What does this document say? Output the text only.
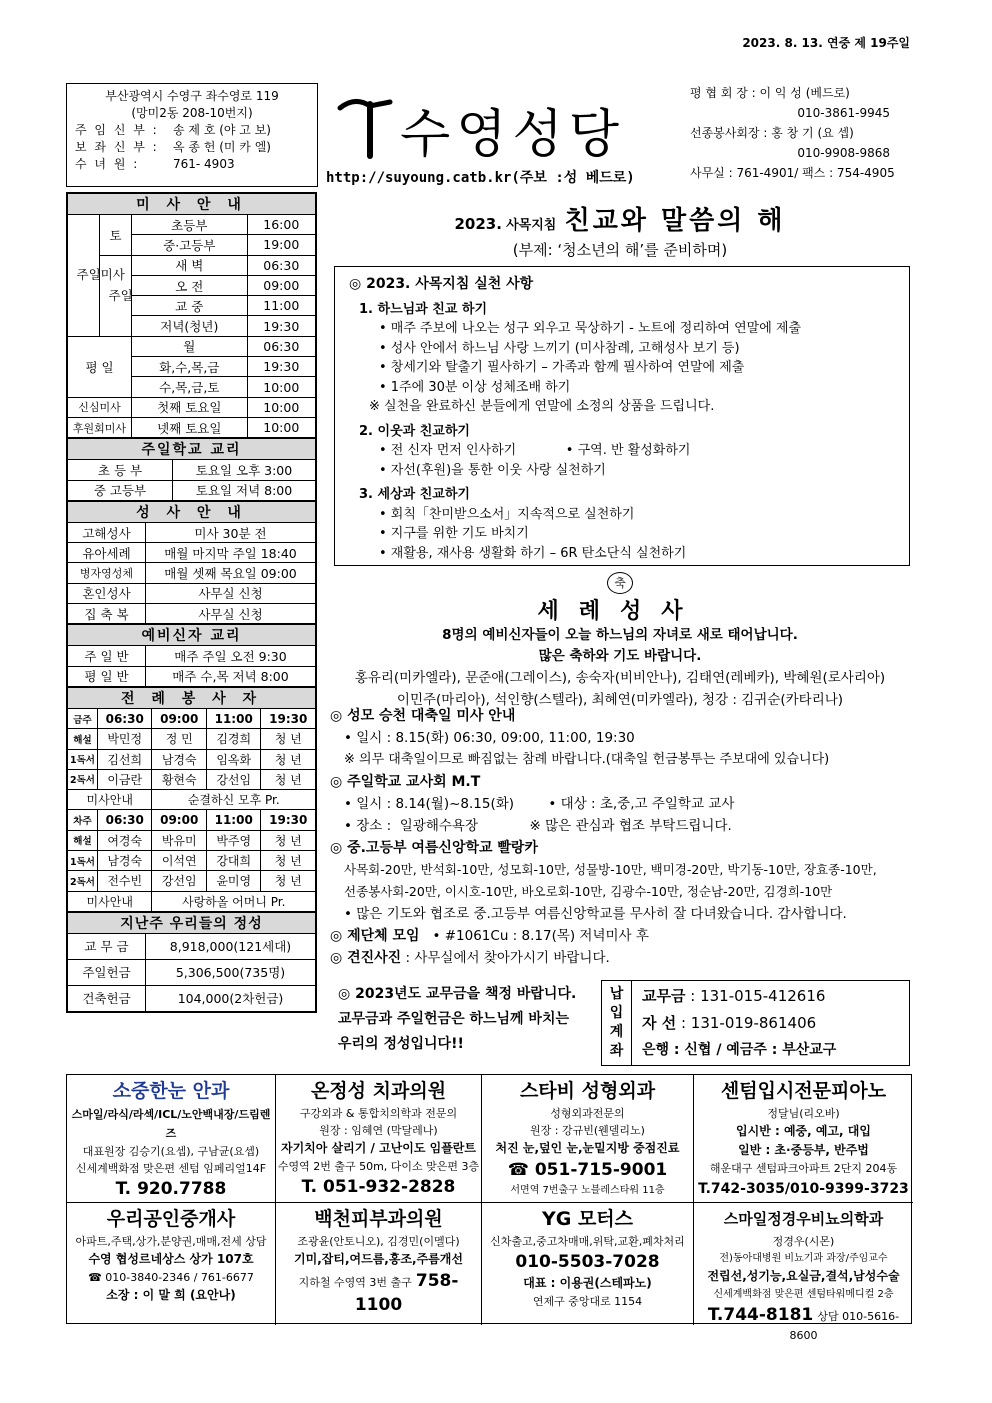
2023. 8. 13. 연중 제 19주일
부산광역시 수영구 좌수영로 119
(망미2동 208-10번지)
주 임 신 부 :	송 제 호 (야 고 보)
보 좌 신 부 :	옥 종 헌 (미 카 엘)
수 녀 원 :	761- 4903	수영성당
http://suyoung.catb.kr(주보 :성 베드로)
평 협 회 장 : 이 익 성 (베드로)
010-3861-9945
선종봉사회장 : 홍 창 기 (요 셉)
010-9908-9868
사무실 : 761-4901/ 팩스 : 754-4905
미 사 안 내			

주일미사	토	초등부	16:00
		중·고등부	19:00

	주일	새 벽	06:30
		오 전	09:00
		교 중	11:00
		저녁(청년)	19:30
평 일		월	06:30
		화,수,목,금	19:30
		수,목,금,토	10:00
신심미사		첫째 토요일	10:00
후원회미사		넷째 토요일	10:00
주일학교 교리	
초 등 부	토요일 오후 3:00
중 고등부	토요일 저녁 8:00
성 사 안 내	
고해성사	미사 30분 전
유아세례	매월 마지막 주일 18:40
병자영성체	매월 셋째 목요일 09:00
혼인성사	사무실 신청
집 축 복	사무실 신청
예비신자 교리	
주 일 반	매주 주일 오전 9:30
평 일 반	매주 수,목 저녁 8:00
전 례 봉 사 자				
금주	06:30	09:00	11:00	19:30
해설	박민정	정 민	김경희	청 년
1독서	김선희	남경숙	임옥화	청 년
2독서	이금란	황현숙	강선임	청 년
미사안내		순결하신 모후 Pr.		
차주	06:30	09:00	11:00	19:30
해설	여경숙	박유미	박주영	청 년
1독서	남경숙	이석연	강대희	청 년
2독서	전수빈	강선임	윤미영	청 년
미사안내		사랑하올 어머니 Pr.		
지난주 우리들의 정성	
교 무 금	8,918,000(121세대)
주일헌금	5,306,500(735명)
건축헌금	104,000(2차헌금)
2023. 사목지침 친교와 말씀의 해
(부제: ‘청소년의 해’를 준비하며)
◎ 2023. 사목지침 실천 사항
1. 하느님과 친교 하기
• 매주 주보에 나오는 성구 외우고 묵상하기 - 노트에 정리하여 연말에 제출
• 성사 안에서 하느님 사랑 느끼기 (미사참례, 고해성사 보기 등)
• 창세기와 탈출기 필사하기 – 가족과 함께 필사하여 연말에 제출
• 1주에 30분 이상 성체조배 하기
※ 실천을 완료하신 분들에게 연말에 소정의 상품을 드립니다.
2. 이웃과 친교하기
• 전 신자 먼저 인사하기            • 구역. 반 활성화하기
• 자선(후원)을 통한 이웃 사랑 실천하기
3. 세상과 친교하기
• 회칙「찬미받으소서」지속적으로 실천하기
• 지구를 위한 기도 바치기
• 재활용, 재사용 생활화 하기 – 6R 탄소단식 실천하기
축
세례성사
8명의 예비신자들이 오늘 하느님의 자녀로 새로 태어납니다.
많은 축하와 기도 바랍니다.
홍유리(미카엘라), 문준애(그레이스), 송숙자(비비안나), 김태연(레베카), 박혜원(로사리아)
이민주(마리아), 석인향(스텔라), 최혜연(미카엘라), 청강 : 김귀순(카타리나)
◎ 성모 승천 대축일 미사 안내
• 일시 : 8.15(화) 06:30, 09:00, 11:00, 19:30
※ 의무 대축일이므로 빠짐없는 참례 바랍니다.(대축일 헌금봉투는 주보대에 있습니다)
◎ 주일학교 교사회 M.T
• 일시 : 8.14(월)~8.15(화)        • 대상 : 초,중,고 주일학교 교사
• 장소 :  일광해수욕장            ※ 많은 관심과 협조 부탁드립니다.
◎ 중.고등부 여름신앙학교 빨랑카
사목회-20만, 반석회-10만, 성모회-10만, 성물방-10만, 백미경-20만, 박기동-10만, 장효종-10만,
선종봉사회-20만, 이시호-10만, 바오로회-10만, 김광수-10만, 정순남-20만, 김경희-10만
• 많은 기도와 협조로 중.고등부 여름신앙학교를 무사히 잘 다녀왔습니다. 감사합니다.
◎ 제단체 모임 • #1061Cu : 8.17(목) 저녁미사 후
◎ 견진사진 : 사무실에서 찾아가시기 바랍니다.
◎ 2023년도 교무금을 책정 바랍니다.
교무금과 주일헌금은 하느님께 바치는
우리의 정성입니다!!
납입계좌
교무금 : 131-015-412616
자 선 : 131-019-861406
은행 : 신협 / 예금주 : 부산교구
소중한눈 안과
스마일/라식/라섹/ICL/노안백내장/드림렌즈
대표원장 김승기(요셉), 구남균(요셉)
신세계백화점 맞은편 센텀 임페리얼14F
T. 920.7788
온정성 치과의원
구강외과 & 통합치의학과 전문의
원장 : 임혜연 (막달레나)
자기치아 살리기 / 고난이도 임플란트
수영역 2번 출구 50m, 다이소 맞은편 3층
T. 051-932-2828
스타비 성형외과
성형외과전문의
원장 : 강규빈(웬델리노)
처진 눈,덮인 눈,눈밑지방 중점진료
☎ 051-715-9001
서면역 7번출구 노블레스타워 11층
센텀입시전문피아노
정달님(리오바)
입시반 : 예중, 예고, 대입
일반 : 초·중등부, 반주법
해운대구 센텀파크아파트 2단지 204동
T.742-3035/010-9399-3723
우리공인중개사
아파트,주택,상가,분양권,매매,전세 상담
수영 협성르네상스 상가 107호
☎ 010-3840-2346 / 761-6677
소장 : 이 말 희 (요안나)
백천피부과의원
조광윤(안토니오), 김경민(이멜다)
기미,잡티,여드름,홍조,주름개선
지하철 수영역 3번 출구 758-1100
YG 모터스
신차출고,중고차매매,위탁,교환,폐차처리
010-5503-7028
대표 : 이용권(스테파노)
연제구 중앙대로 1154
스마일정경우비뇨의학과
정경우(시몬)
전)동아대병원 비뇨기과 과장/주임교수
전립선,성기능,요실금,결석,남성수술
신세계백화점 맞은편 센텀타워메디컬 2층
T.744-8181 상담 010-5616-8600
